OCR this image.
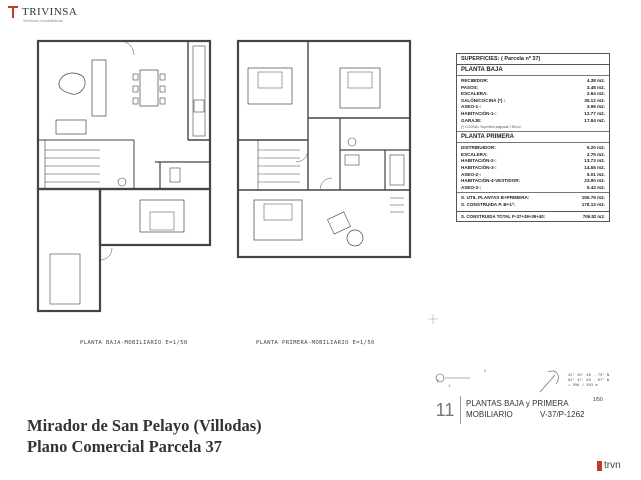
TRIVINSA
Servicios Inmobiliarios
E
1
2
PLANTA BAJA-MOBILIARIO E=1/50	PLANTA PRIMERA-MOBILIARIO E=1/50
SUPERFICIES: ( Parcela nº 37)
PLANTA BAJA
RECIBIDOR:	4.38 m2.
PASOS:	3.48 m2.
ESCALERA:	2.64 m2.
SALÓN/COCINA (*) :	35.12 m2.
ASEO-1-:	3.99 m2.
HABITACIÓN-1-:	12.77 m2.
GARAJE:	17.84 m2.
(*) COCINA= Superficie asignada 7.86 m2.
PLANTA PRIMERA
DISTRIBUIDOR:	5.20 m2.
ESCALERA:	2.75 m2.
HABITACIÓN-2-:	13.73 m2.
HABITACIÓN-3-:	14.55 m2.
ASEO-2-:	5.01 m2.
HABITACIÓN-4-VESTIDOR:	23.90 m2.
ASEO-3-:	5.43 m2.
S. UTIL PLANTAS B+PRIMERA:	150.79 m2.
S. CONSTRUIDA P. B+1ª:	178.13 m2.
S. CONSTRUIDA TOTAL P-37+38+39+40:	706.82 m2.
42° 49' 46 . 75" N
02° 47' 05 . 67" W
+ 590 / 503 m
11	PLANTAS BAJA y PRIMERA
MOBILIARIO	V-37/P-1262
1/50
Mirador de San Pelayo (Villodas)
Plano Comercial Parcela 37
trvn
